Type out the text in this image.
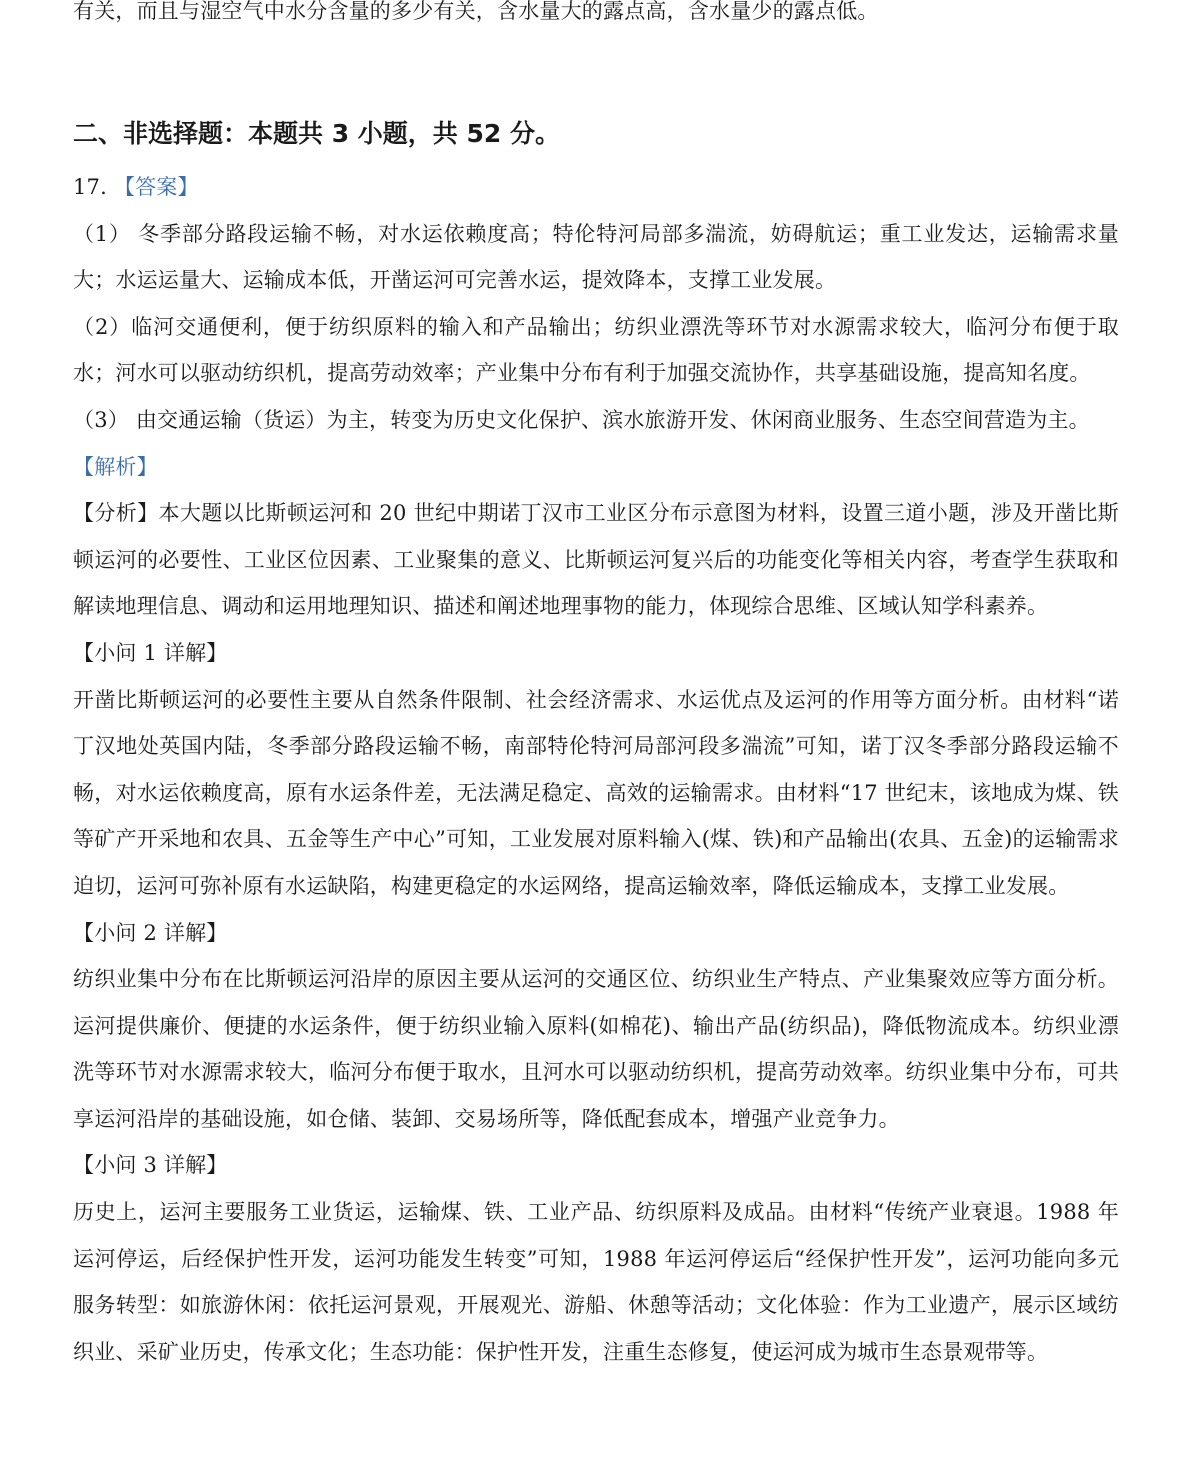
有关，而且与湿空气中水分含量的多少有关，含水量大的露点高，含水量少的露点低。

二、非选择题：本题共 3 小题，共 52 分。

17. 【答案】

（1） 冬季部分路段运输不畅，对水运依赖度高；特伦特河局部多湍流，妨碍航运；重工业发达，运输需求量大；水运运量大、运输成本低，开凿运河可完善水运，提效降本，支撑工业发展。

（2）临河交通便利，便于纺织原料的输入和产品输出；纺织业漂洗等环节对水源需求较大，临河分布便于取水；河水可以驱动纺织机，提高劳动效率；产业集中分布有利于加强交流协作，共享基础设施，提高知名度。

（3） 由交通运输（货运）为主，转变为历史文化保护、滨水旅游开发、休闲商业服务、生态空间营造为主。

【解析】

【分析】本大题以比斯顿运河和 20 世纪中期诺丁汉市工业区分布示意图为材料，设置三道小题，涉及开凿比斯顿运河的必要性、工业区位因素、工业聚集的意义、比斯顿运河复兴后的功能变化等相关内容，考查学生获取和解读地理信息、调动和运用地理知识、描述和阐述地理事物的能力，体现综合思维、区域认知学科素养。

【小问 1 详解】

开凿比斯顿运河的必要性主要从自然条件限制、社会经济需求、水运优点及运河的作用等方面分析。由材料“诺丁汉地处英国内陆，冬季部分路段运输不畅，南部特伦特河局部河段多湍流”可知，诺丁汉冬季部分路段运输不畅，对水运依赖度高，原有水运条件差，无法满足稳定、高效的运输需求。由材料“17 世纪末，该地成为煤、铁等矿产开采地和农具、五金等生产中心”可知，工业发展对原料输入(煤、铁)和产品输出(农具、五金)的运输需求迫切，运河可弥补原有水运缺陷，构建更稳定的水运网络，提高运输效率，降低运输成本，支撑工业发展。

【小问 2 详解】

纺织业集中分布在比斯顿运河沿岸的原因主要从运河的交通区位、纺织业生产特点、产业集聚效应等方面分析。运河提供廉价、便捷的水运条件，便于纺织业输入原料(如棉花)、输出产品(纺织品)，降低物流成本。纺织业漂洗等环节对水源需求较大，临河分布便于取水，且河水可以驱动纺织机，提高劳动效率。纺织业集中分布，可共享运河沿岸的基础设施，如仓储、装卸、交易场所等，降低配套成本，增强产业竞争力。

【小问 3 详解】

历史上，运河主要服务工业货运，运输煤、铁、工业产品、纺织原料及成品。由材料“传统产业衰退。1988 年运河停运，后经保护性开发，运河功能发生转变”可知，1988 年运河停运后“经保护性开发”，运河功能向多元服务转型：如旅游休闲：依托运河景观，开展观光、游船、休憩等活动；文化体验：作为工业遗产，展示区域纺织业、采矿业历史，传承文化；生态功能：保护性开发，注重生态修复，使运河成为城市生态景观带等。
